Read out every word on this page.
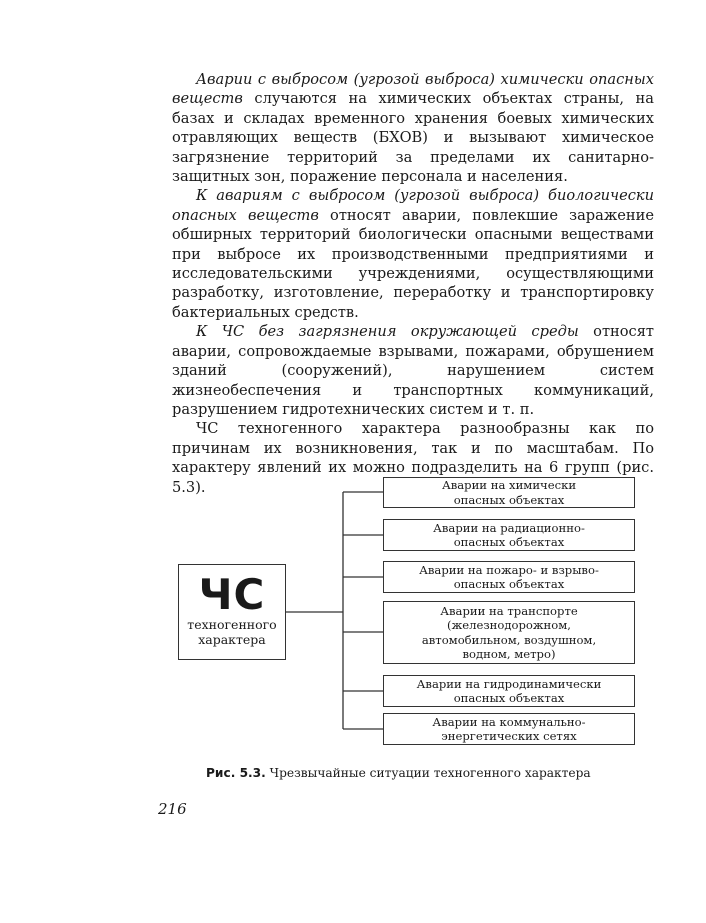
Аварии с выбросом (угрозой выброса) химически опасных веществ случаются на химических объектах страны, на базах и складах временного хранения боевых химических отравляющих веществ (БХОВ) и вызывают химическое загрязнение территорий за пределами их санитарно-защитных зон, поражение персонала и населения.

К авариям с выбросом (угрозой выброса) биологически опасных веществ относят аварии, повлекшие заражение обширных территорий биологически опасными веществами при выбросе их производственными предприятиями и исследовательскими учреждениями, осуществляющими разработку, изготовление, переработку и транспортировку бактериальных средств.

К ЧС без загрязнения окружающей среды относят аварии, сопровождаемые взрывами, пожарами, обрушением зданий (сооружений), нарушением систем жизнеобеспечения и транспортных коммуникаций, разрушением гидротехнических систем и т. п.

ЧС техногенного характера разнообразны как по причинам их возникновения, так и по масштабам. По характеру явлений их можно подразделить на 6 групп (рис. 5.3).

ЧС
техногенного
характера
Аварии на химически
опасных объектах
Аварии на радиационно-
опасных объектах
Аварии на пожаро- и взрыво-
опасных объектах
Аварии на транспорте
(железнодорожном,
автомобильном, воздушном,
водном, метро)
Аварии на гидродинамически
опасных объектах
Аварии на коммунально-
энергетических сетях
Рис. 5.3. Чрезвычайные ситуации техногенного характера
216
